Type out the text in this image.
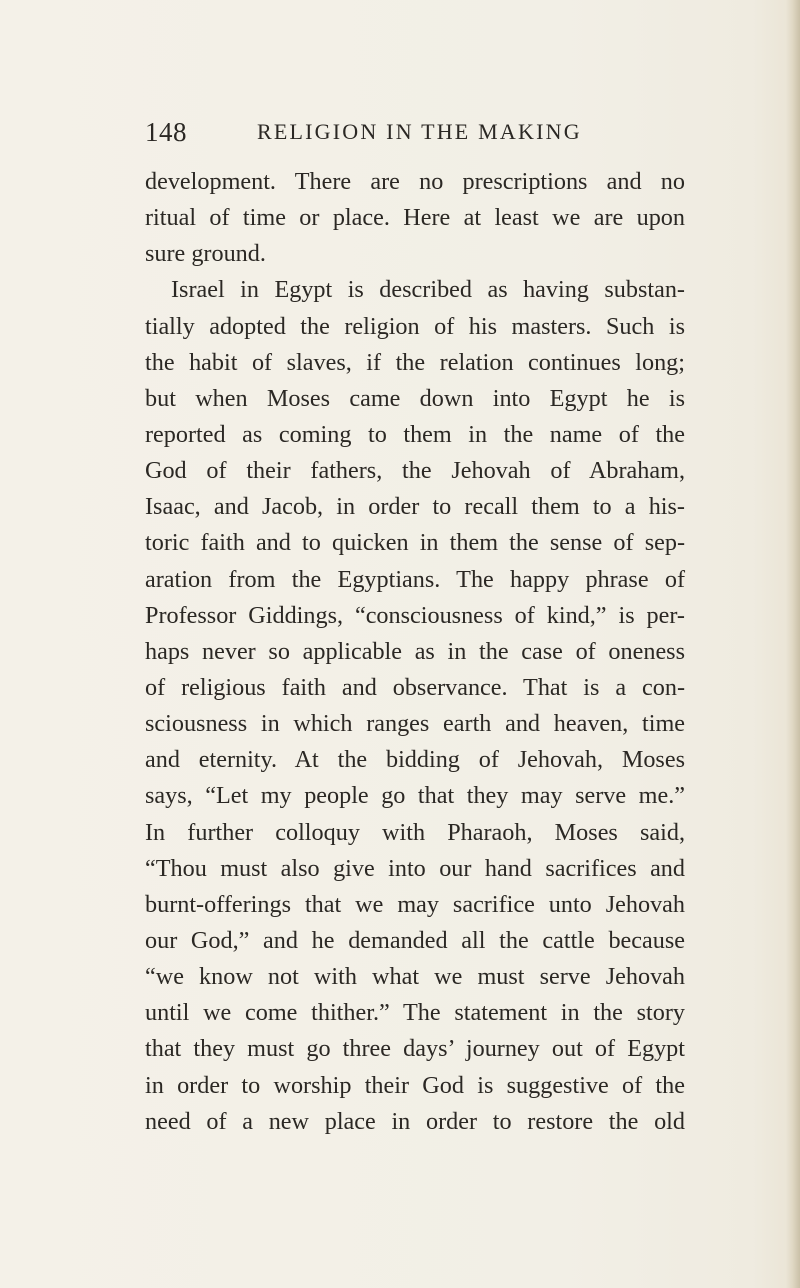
148	RELIGION IN THE MAKING
development. There are no prescriptions and no
ritual of time or place. Here at least we are upon
sure ground.
Israel in Egypt is described as having substan-
tially adopted the religion of his masters. Such is
the habit of slaves, if the relation continues long;
but when Moses came down into Egypt he is
reported as coming to them in the name of the
God of their fathers, the Jehovah of Abraham,
Isaac, and Jacob, in order to recall them to a his-
toric faith and to quicken in them the sense of sep-
aration from the Egyptians. The happy phrase of
Professor Giddings, “consciousness of kind,” is per-
haps never so applicable as in the case of oneness
of religious faith and observance. That is a con-
sciousness in which ranges earth and heaven, time
and eternity. At the bidding of Jehovah, Moses
says, “Let my people go that they may serve me.”
In further colloquy with Pharaoh, Moses said,
“Thou must also give into our hand sacrifices and
burnt-offerings that we may sacrifice unto Jehovah
our God,” and he demanded all the cattle because
“we know not with what we must serve Jehovah
until we come thither.” The statement in the story
that they must go three days’ journey out of Egypt
in order to worship their God is suggestive of the
need of a new place in order to restore the old
